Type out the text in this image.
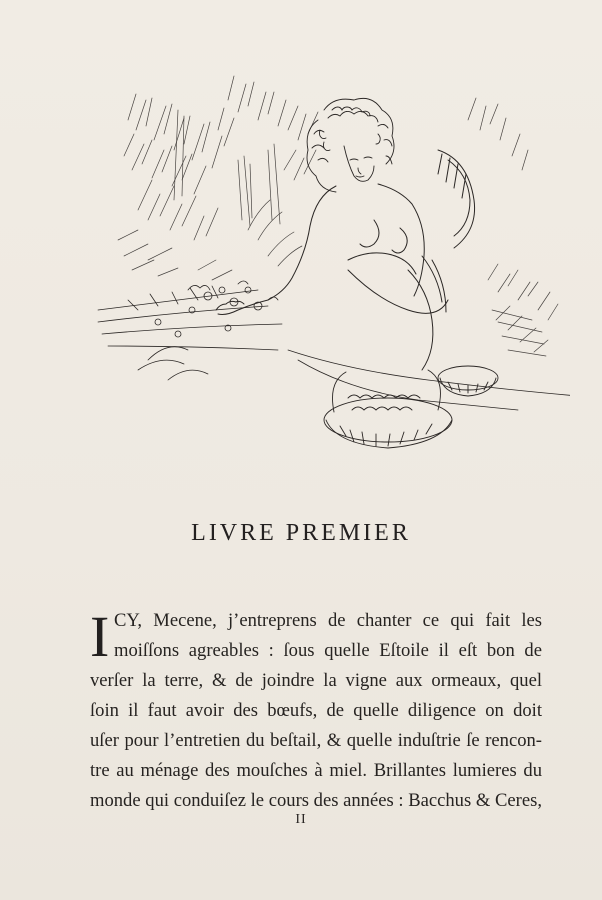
LIVRE PREMIER
I CY, Mecene, j’entreprens de chanter ce qui fait les
moiſſons agreables : ſous quelle Eſtoile il eſt bon de
verſer la terre, & de joindre la vigne aux ormeaux, quel
ſoin il faut avoir des bœufs, de quelle diligence on doit
uſer pour l’entretien du beſtail, & quelle induſtrie ſe rencon-
tre au ménage des mouſches à miel. Brillantes lumieres du
monde qui conduiſez le cours des années : Bacchus & Ceres,
II
